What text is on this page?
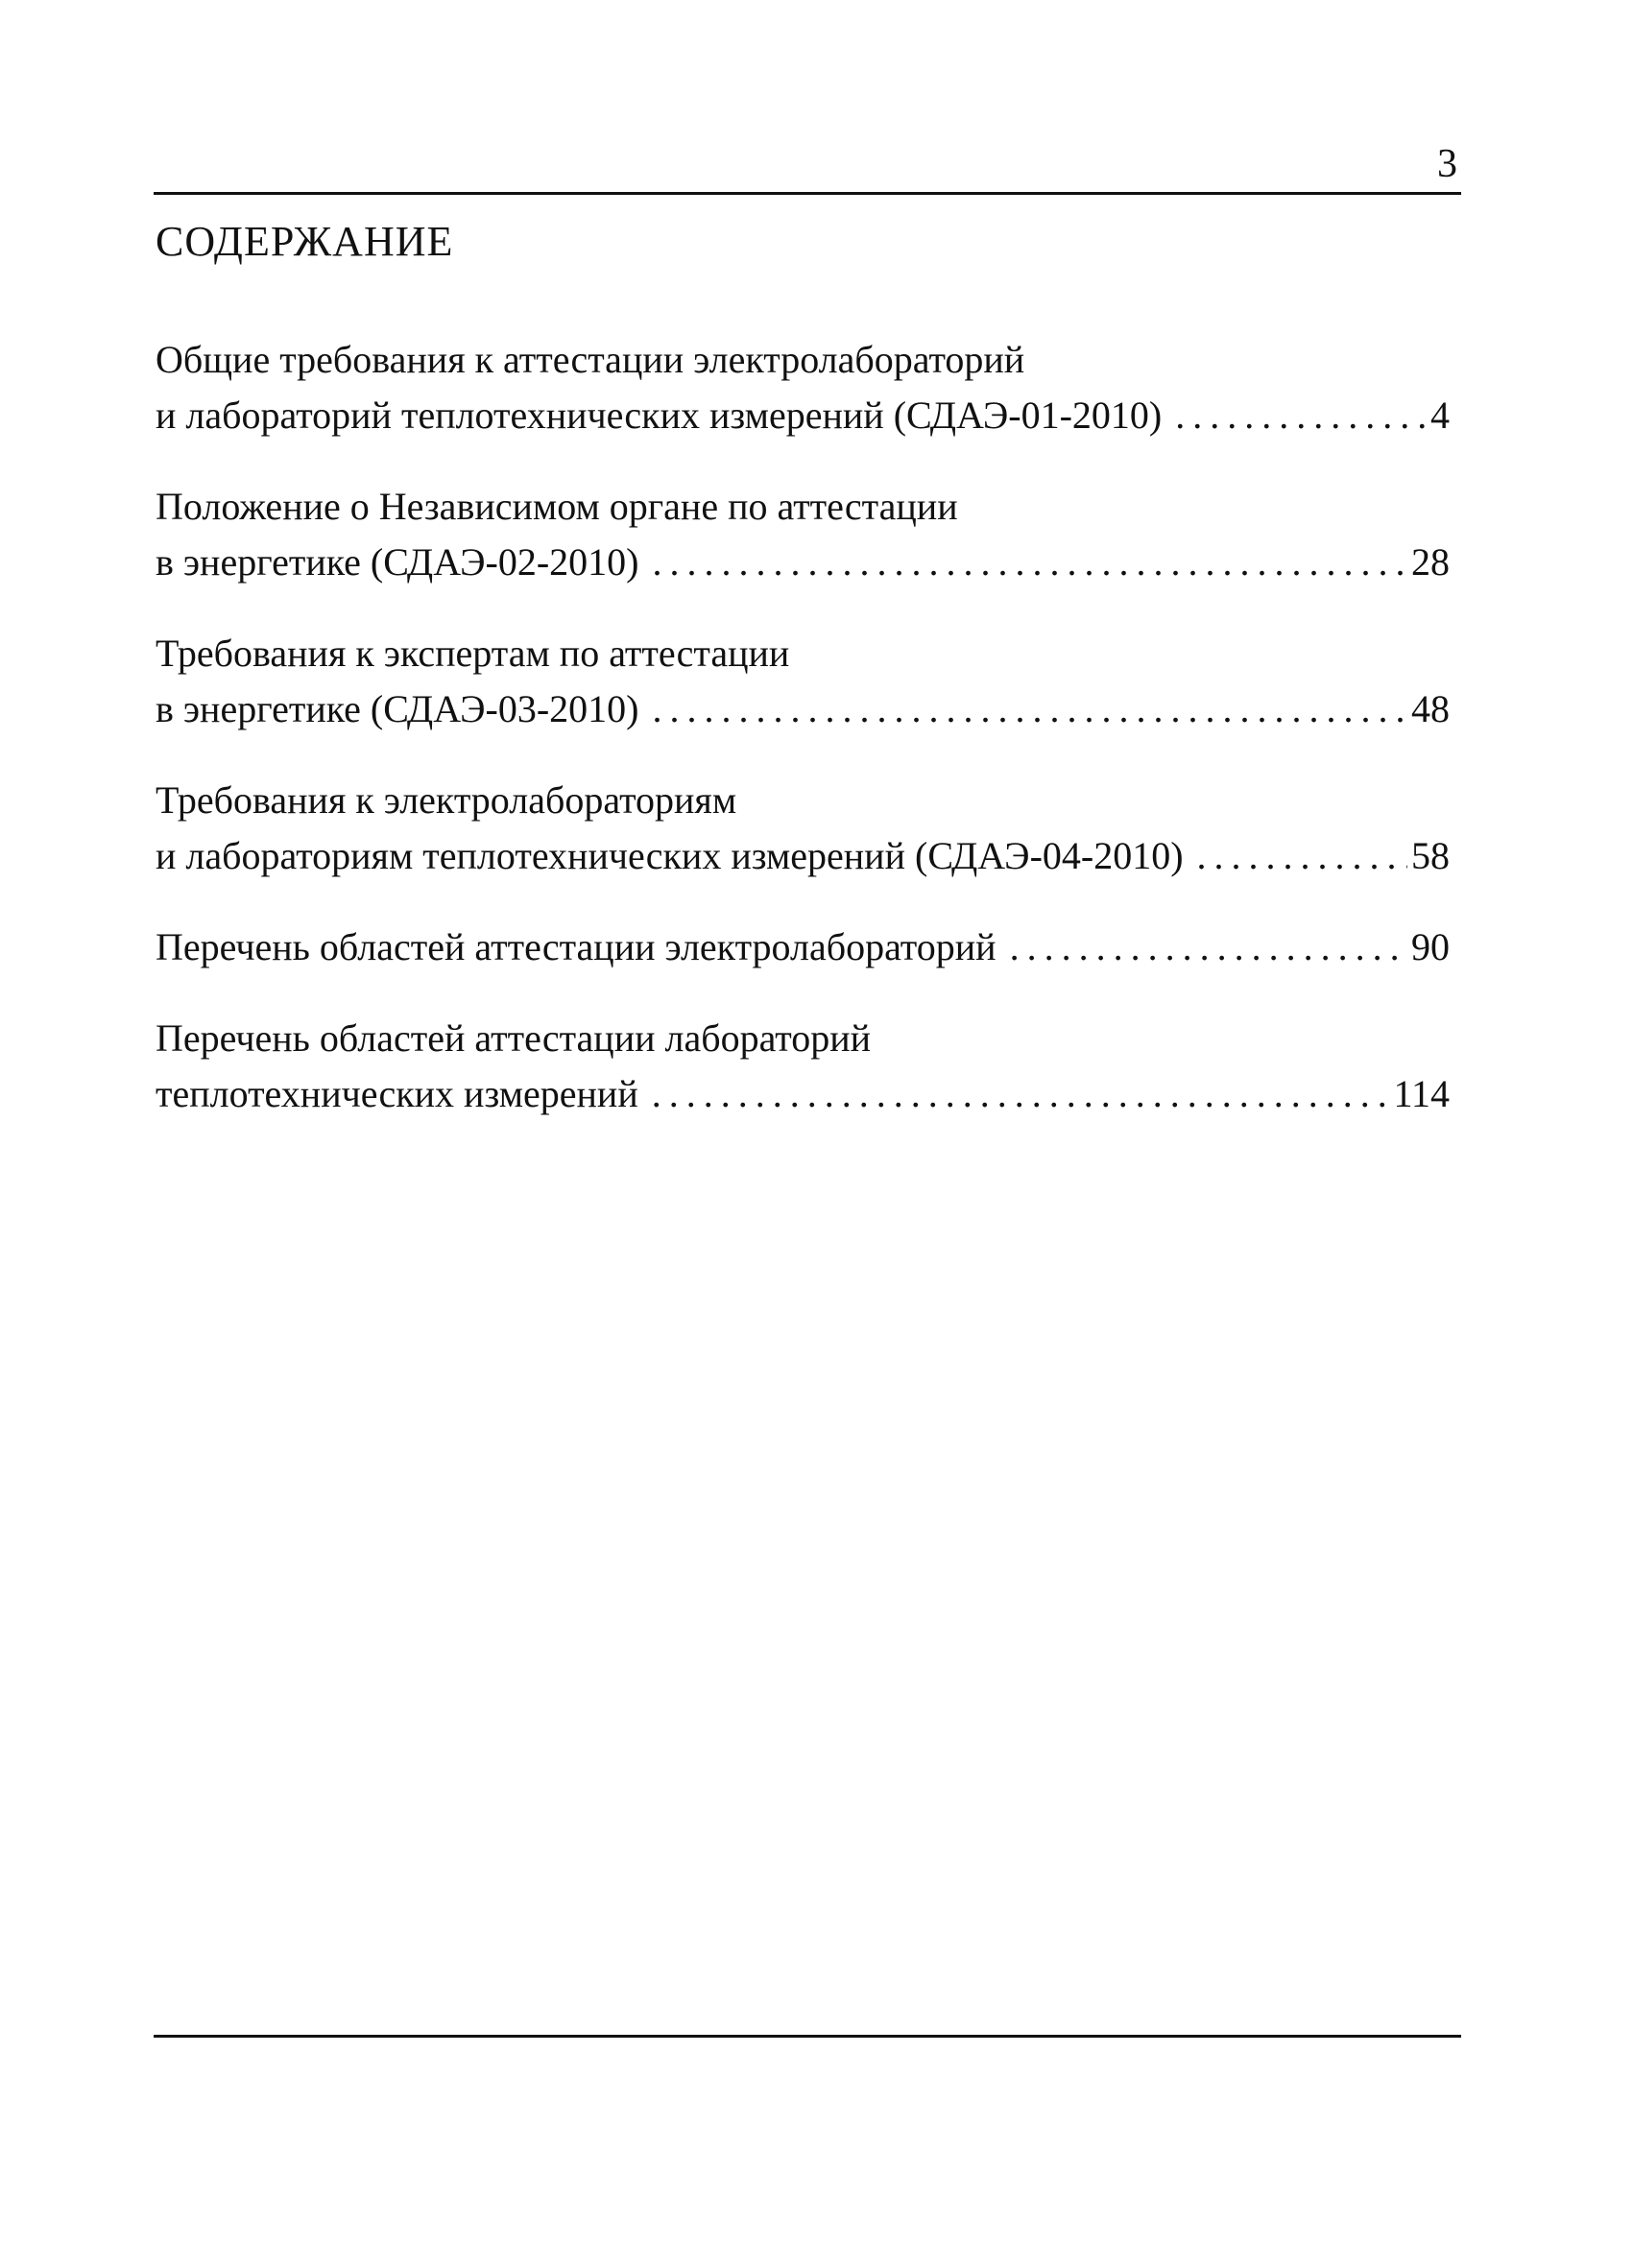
3
СОДЕРЖАНИЕ
Общие требования к аттестации электролабораторий
и лабораторий теплотехнических измерений (СДАЭ-01-2010) . . .	4
Положение о Независимом органе по аттестации
в энергетике (СДАЭ-02-2010) . . .	28
Требования к экспертам по аттестации
в энергетике (СДАЭ-03-2010) . . .	48
Требования к электролабораториям
и лабораториям теплотехнических измерений (СДАЭ-04-2010) . . .	58
Перечень областей аттестации электролабораторий . . .	90
Перечень областей аттестации лабораторий
теплотехнических измерений . . .	114
